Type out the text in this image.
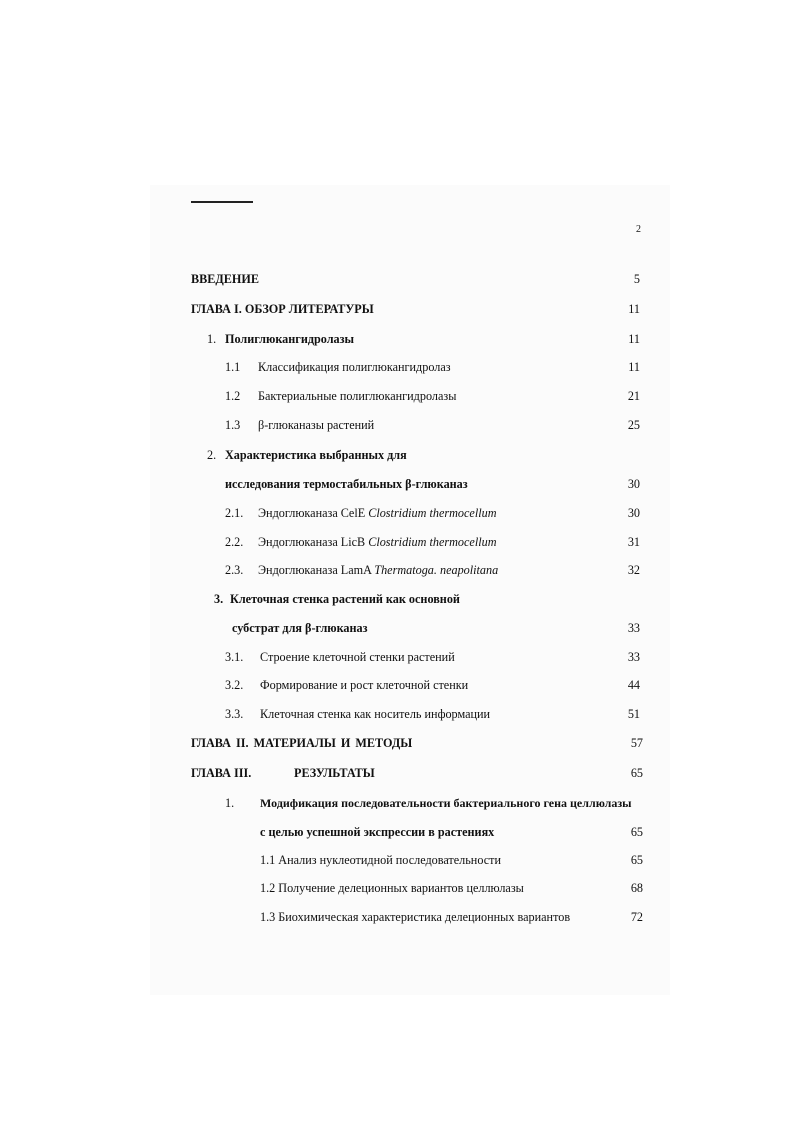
2
ВВЕДЕНИЕ	5
ГЛАВА I. ОБЗОР ЛИТЕРАТУРЫ	11
1. Полиглюкангидролазы	11
1.1 Классификация полиглюкангидролаз	11
1.2 Бактериальные полиглюкангидролазы	21
1.3 β-глюканазы растений	25
2. Характеристика выбранных для
исследования термостабильных β-глюканаз	30
2.1. Эндоглюканаза CelE Clostridium thermocellum	30
2.2. Эндоглюканаза LicB Clostridium thermocellum	31
2.3. Эндоглюканаза LamA Thermatoga. neapolitana	32
3. Клеточная стенка растений как основной
субстрат для β-глюканаз	33
3.1. Строение клеточной стенки растений	33
3.2. Формирование и рост клеточной стенки	44
3.3. Клеточная стенка как носитель информации	51
ГЛАВА II. МАТЕРИАЛЫ И МЕТОДЫ	57
ГЛАВА III.	РЕЗУЛЬТАТЫ	65
1. Модификация последовательности бактериального гена целлюлазы
с целью успешной экспрессии в растениях	65
1.1 Анализ нуклеотидной последовательности	65
1.2 Получение делеционных вариантов целлюлазы	68
1.3 Биохимическая характеристика делеционных вариантов	72
